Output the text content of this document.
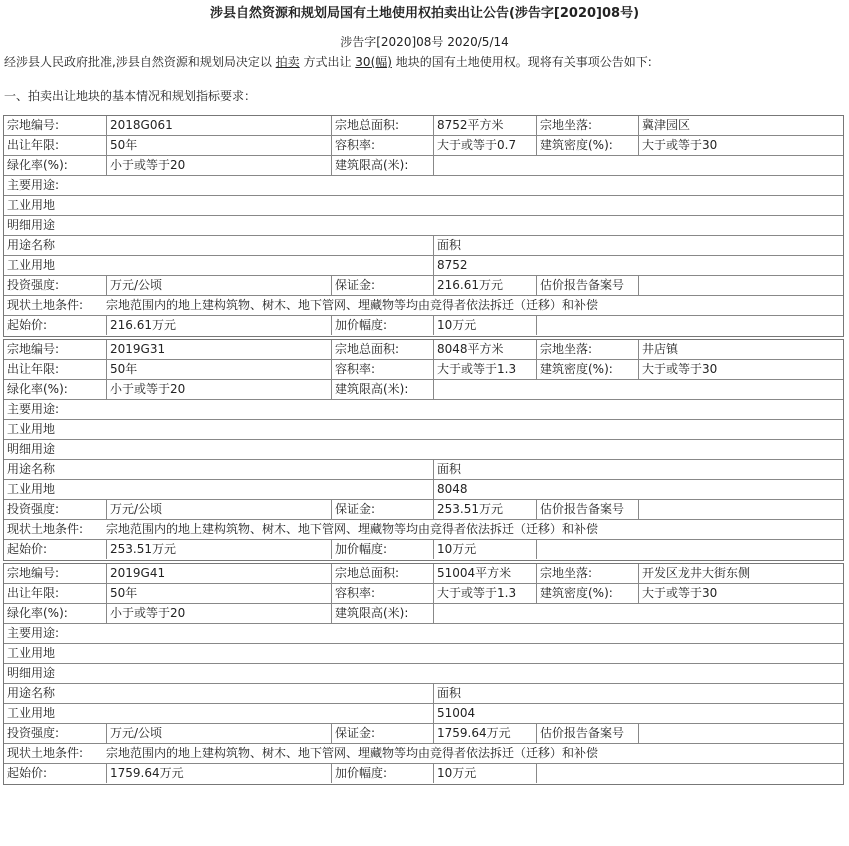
涉县自然资源和规划局国有土地使用权拍卖出让公告(涉告字[2020]08号)
涉告字[2020]08号 2020/5/14
经涉县人民政府批准,涉县自然资源和规划局决定以 拍卖 方式出让 30(幅) 地块的国有土地使用权。现将有关事项公告如下:
一、拍卖出让地块的基本情况和规划指标要求：
宗地编号:	2018G061	宗地总面积:	8752平方米	宗地坐落:	冀津园区
出让年限:	50年	容积率:	大于或等于0.7	建筑密度(%):	大于或等于30
绿化率(%):	小于或等于20	建筑限高(米):
主要用途:
工业用地
明细用途
用途名称	面积
工业用地	8752
投资强度:	万元/公顷	保证金:	216.61万元	估价报告备案号
现状土地条件:	宗地范围内的地上建构筑物、树木、地下管网、埋藏物等均由竞得者依法拆迁（迁移）和补偿
起始价:	216.61万元	加价幅度:	10万元
宗地编号:	2019G31	宗地总面积:	8048平方米	宗地坐落:	井店镇
出让年限:	50年	容积率:	大于或等于1.3	建筑密度(%):	大于或等于30
绿化率(%):	小于或等于20	建筑限高(米):
主要用途:
工业用地
明细用途
用途名称	面积
工业用地	8048
投资强度:	万元/公顷	保证金:	253.51万元	估价报告备案号
现状土地条件:	宗地范围内的地上建构筑物、树木、地下管网、埋藏物等均由竞得者依法拆迁（迁移）和补偿
起始价:	253.51万元	加价幅度:	10万元
宗地编号:	2019G41	宗地总面积:	51004平方米	宗地坐落:	开发区龙井大街东侧
出让年限:	50年	容积率:	大于或等于1.3	建筑密度(%):	大于或等于30
绿化率(%):	小于或等于20	建筑限高(米):
主要用途:
工业用地
明细用途
用途名称	面积
工业用地	51004
投资强度:	万元/公顷	保证金:	1759.64万元	估价报告备案号
现状土地条件:	宗地范围内的地上建构筑物、树木、地下管网、埋藏物等均由竞得者依法拆迁（迁移）和补偿
起始价:	1759.64万元	加价幅度:	10万元
